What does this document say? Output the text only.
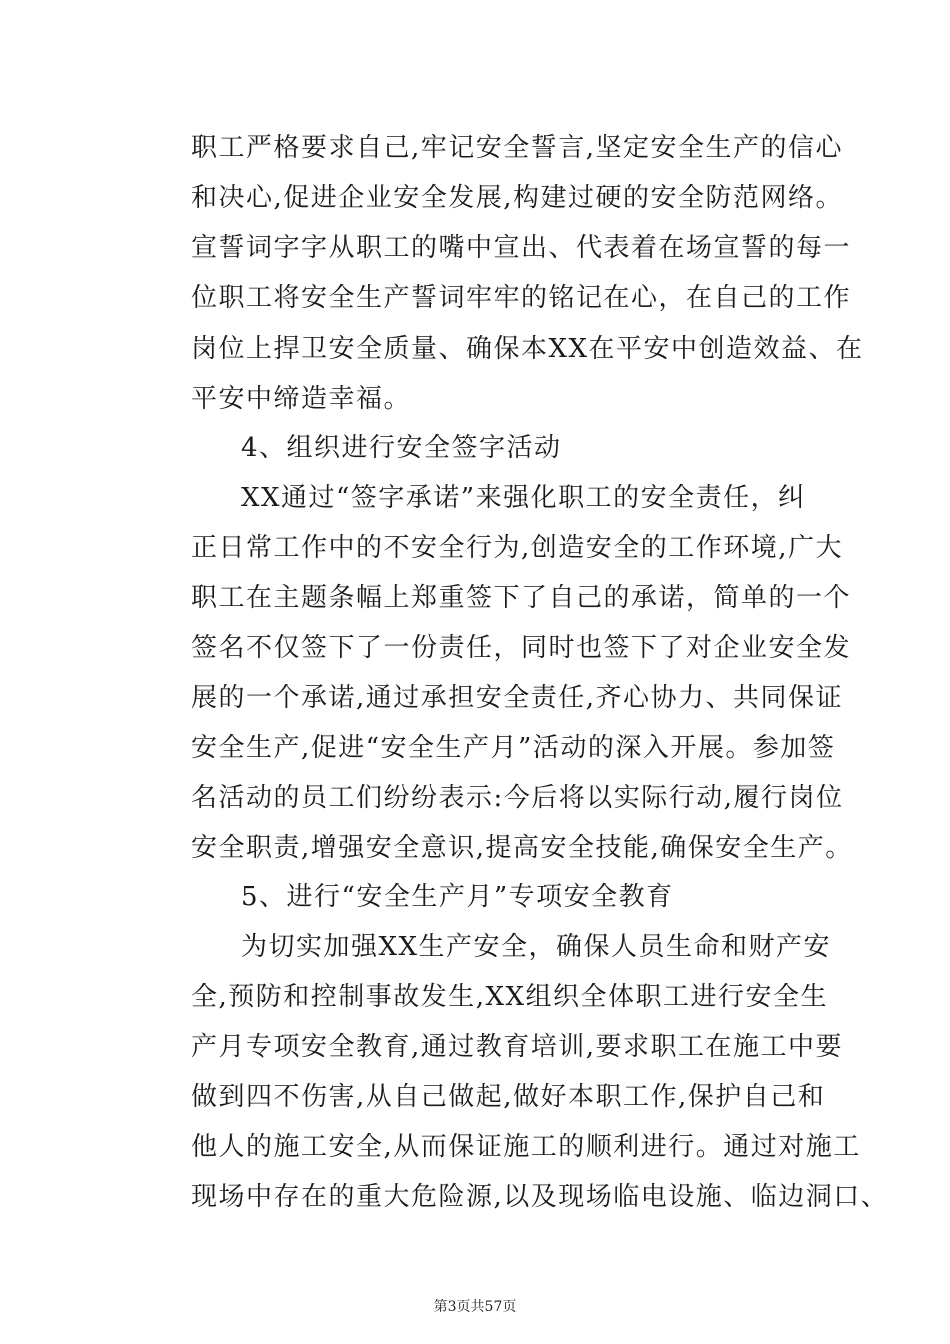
职工严格要求自己,牢记安全誓言,坚定安全生产的信心
和决心,促进企业安全发展,构建过硬的安全防范网络。
宣誓词字字从职工的嘴中宣出、代表着在场宣誓的每一
位职工将安全生产誓词牢牢的铭记在心，在自己的工作
岗位上捍卫安全质量、确保本XX在平安中创造效益、在
平安中缔造幸福。
4、组织进行安全签字活动
XX通过“签字承诺”来强化职工的安全责任，纠
正日常工作中的不安全行为,创造安全的工作环境,广大
职工在主题条幅上郑重签下了自己的承诺，简单的一个
签名不仅签下了一份责任，同时也签下了对企业安全发
展的一个承诺,通过承担安全责任,齐心协力、共同保证
安全生产,促进“安全生产月”活动的深入开展。参加签
名活动的员工们纷纷表示:今后将以实际行动,履行岗位
安全职责,增强安全意识,提高安全技能,确保安全生产。
5、进行“安全生产月”专项安全教育
为切实加强XX生产安全，确保人员生命和财产安
全,预防和控制事故发生,XX组织全体职工进行安全生
产月专项安全教育,通过教育培训,要求职工在施工中要
做到四不伤害,从自己做起,做好本职工作,保护自己和
他人的施工安全,从而保证施工的顺利进行。通过对施工
现场中存在的重大危险源,以及现场临电设施、临边洞口、
第3页共57页
